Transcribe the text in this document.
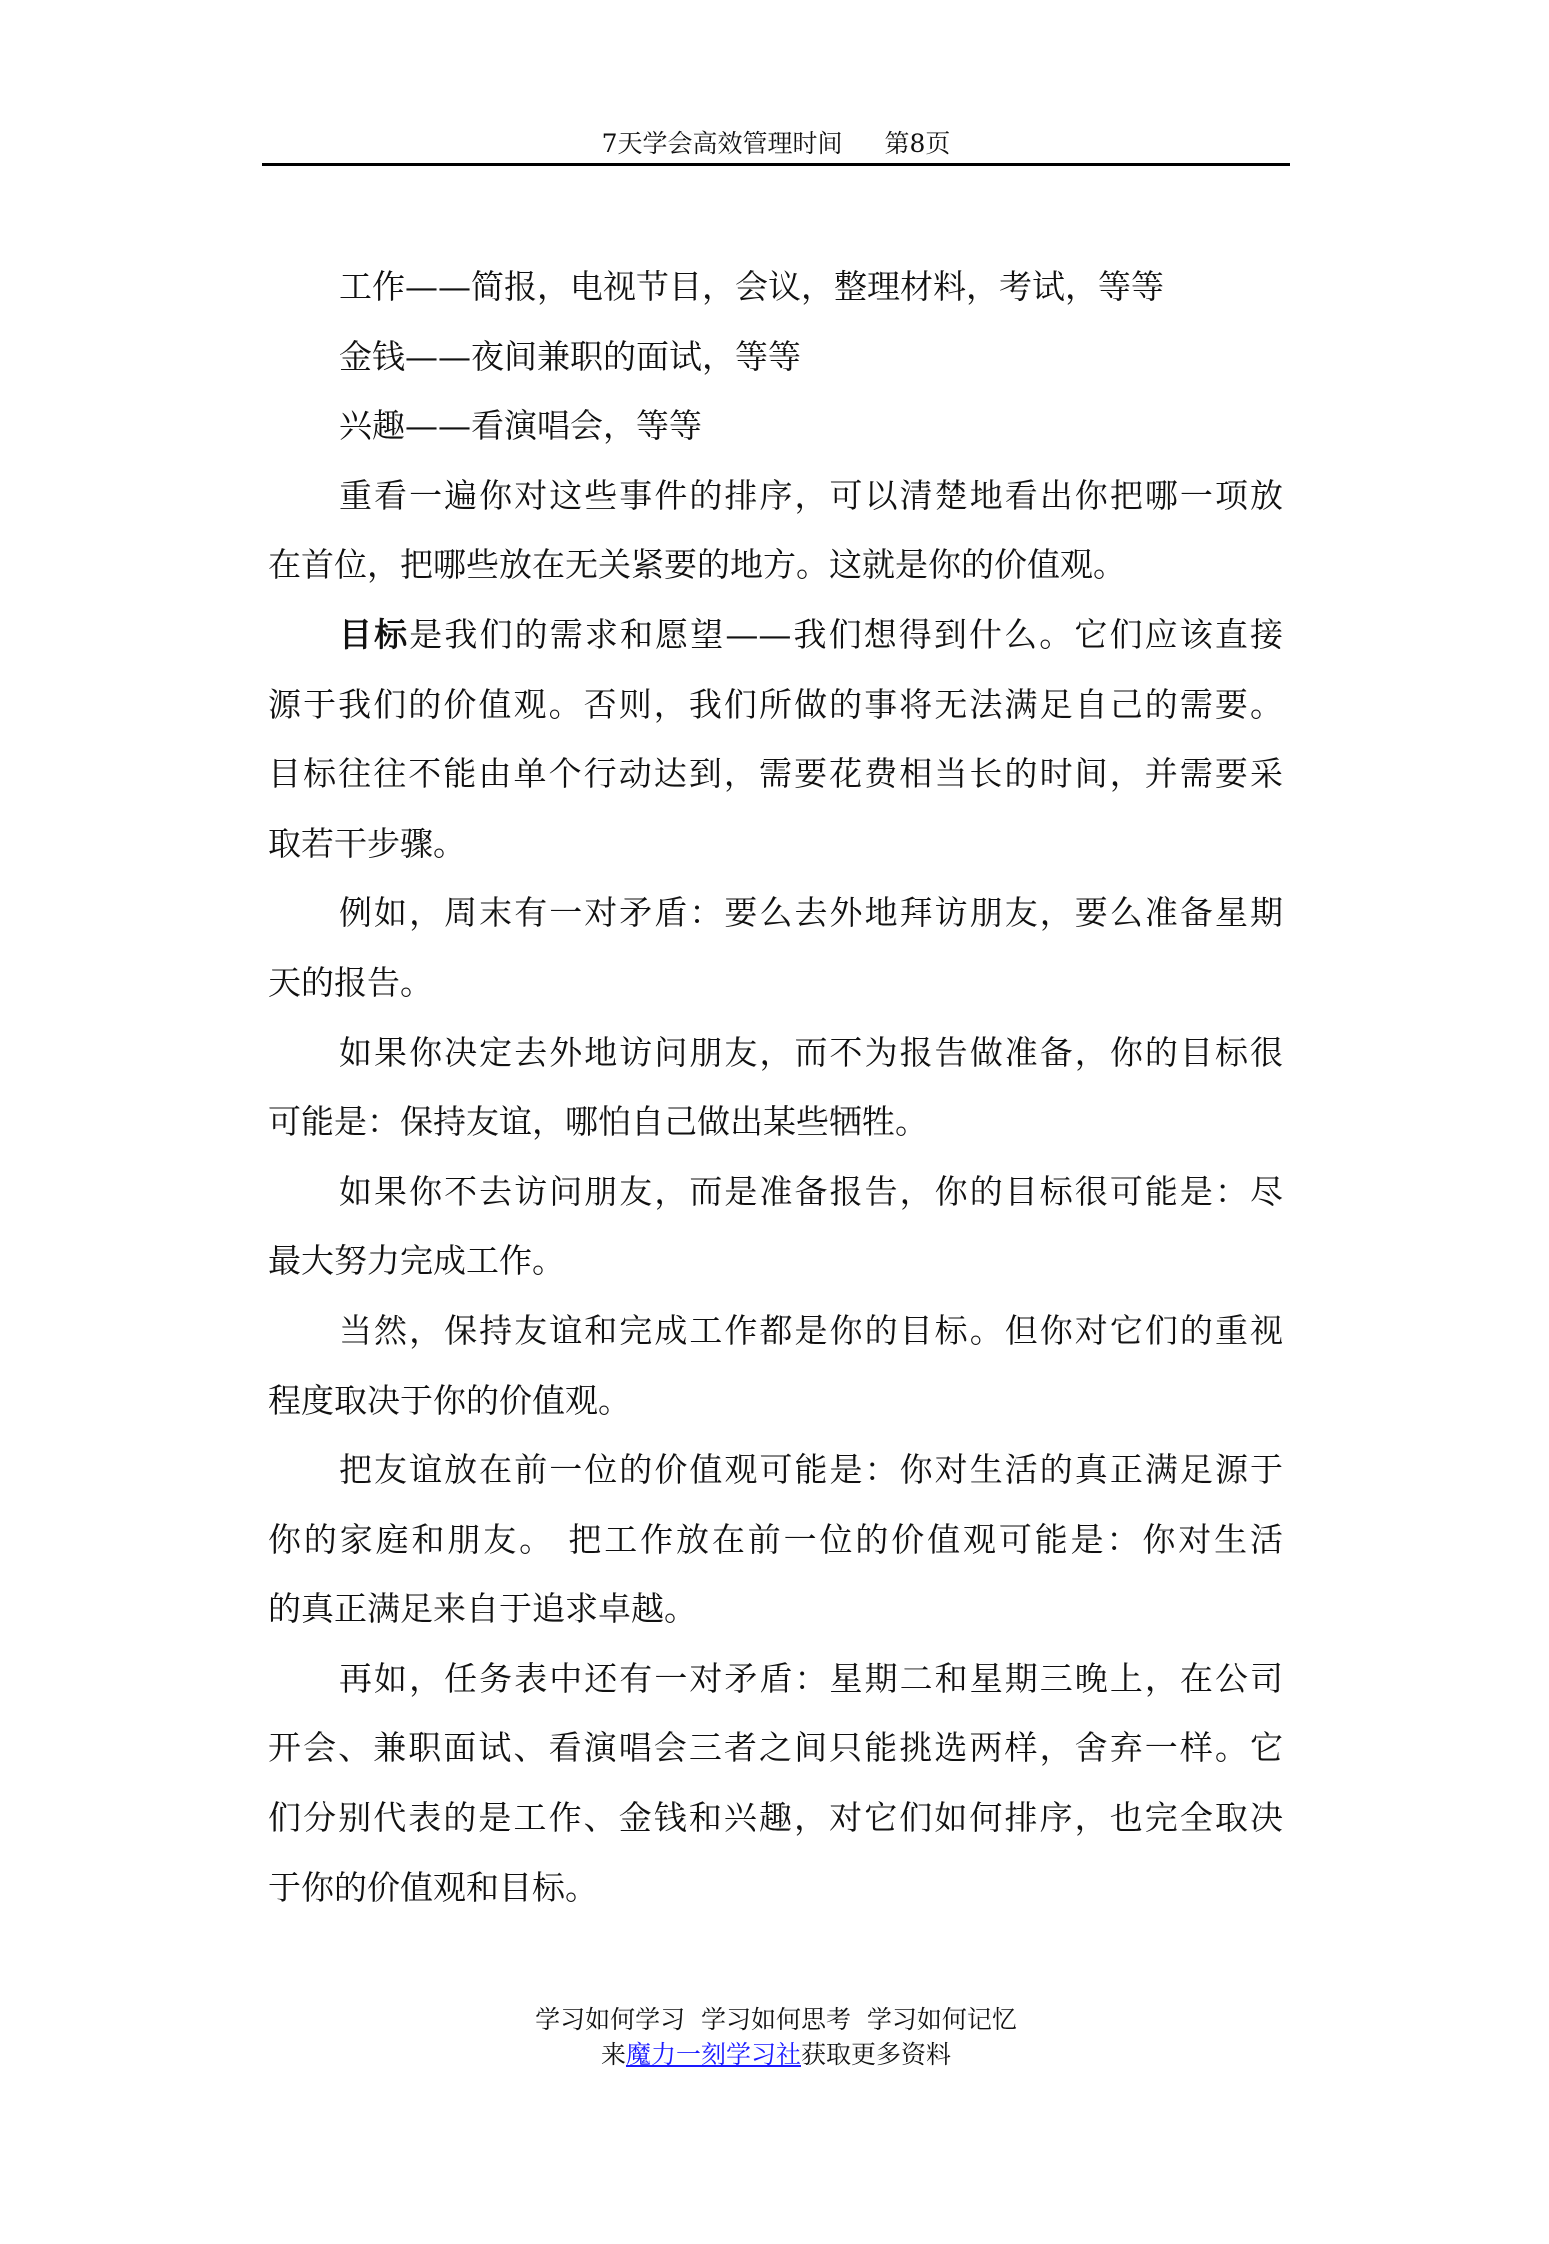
7天学会高效管理时间 第8页
工作——简报，电视节目，会议，整理材料，考试，等等
金钱——夜间兼职的面试，等等
兴趣——看演唱会，等等
重看一遍你对这些事件的排序，可以清楚地看出你把哪一项放
在首位，把哪些放在无关紧要的地方。这就是你的价值观。
目标是我们的需求和愿望——我们想得到什么。它们应该直接
源于我们的价值观。否则，我们所做的事将无法满足自己的需要。
目标往往不能由单个行动达到，需要花费相当长的时间，并需要采
取若干步骤。
例如，周末有一对矛盾：要么去外地拜访朋友，要么准备星期
天的报告。
如果你决定去外地访问朋友，而不为报告做准备，你的目标很
可能是：保持友谊，哪怕自己做出某些牺牲。
如果你不去访问朋友，而是准备报告，你的目标很可能是：尽
最大努力完成工作。
当然，保持友谊和完成工作都是你的目标。但你对它们的重视
程度取决于你的价值观。
把友谊放在前一位的价值观可能是：你对生活的真正满足源于
你的家庭和朋友。 把工作放在前一位的价值观可能是：你对生活
的真正满足来自于追求卓越。
再如，任务表中还有一对矛盾：星期二和星期三晚上，在公司
开会、兼职面试、看演唱会三者之间只能挑选两样，舍弃一样。它
们分别代表的是工作、金钱和兴趣，对它们如何排序，也完全取决
于你的价值观和目标。
学习如何学习  学习如何思考  学习如何记忆
来魔力一刻学习社获取更多资料
